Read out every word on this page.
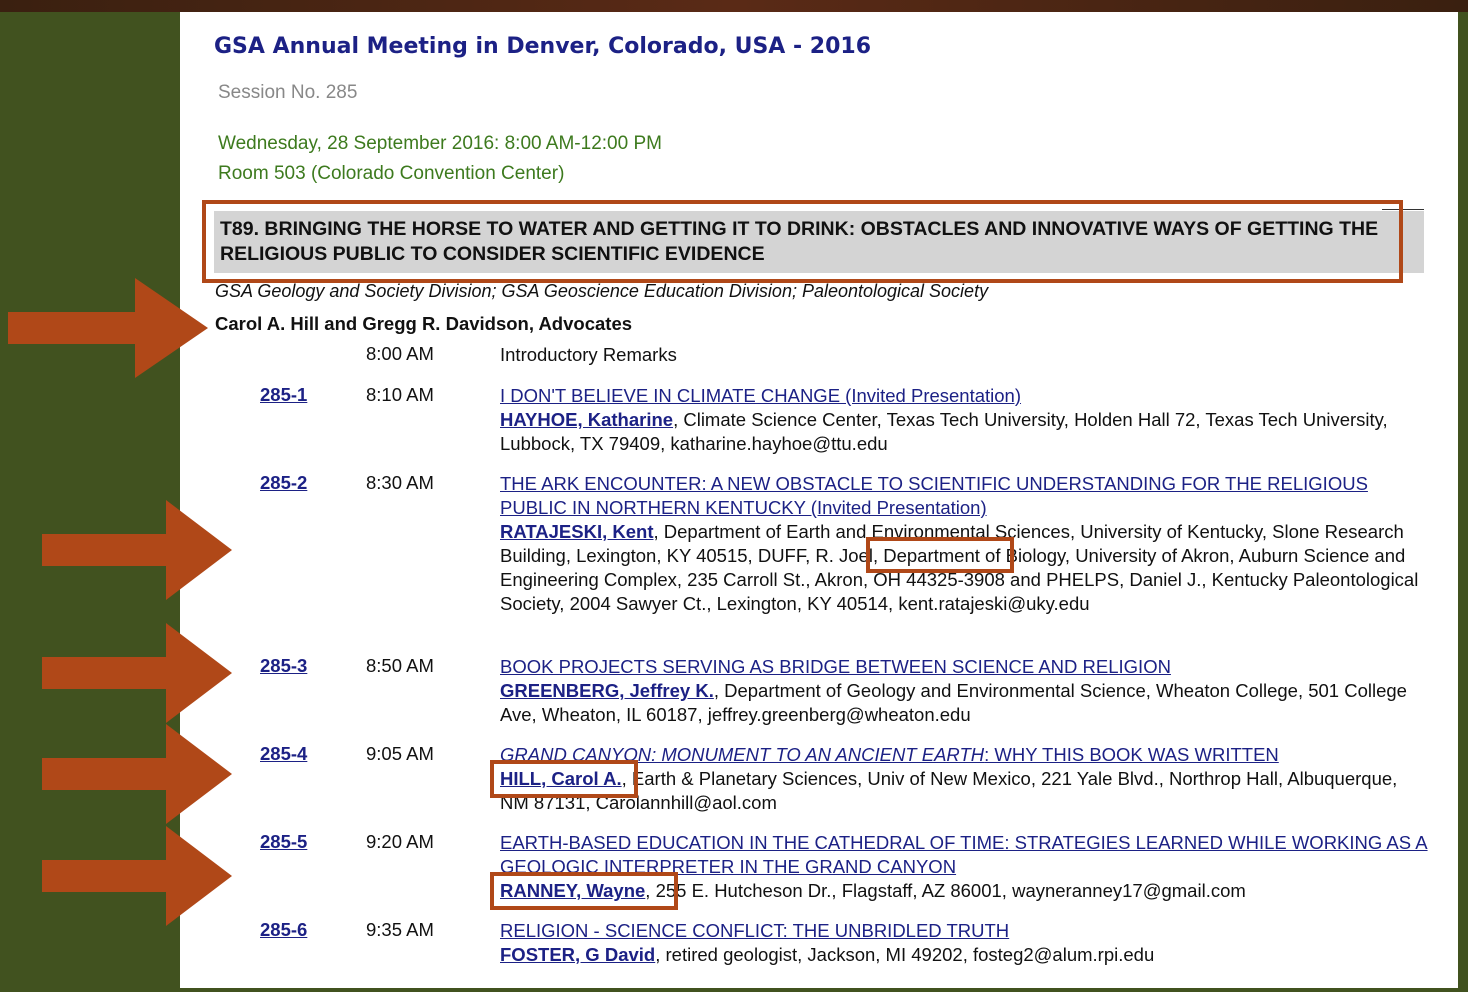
GSA Annual Meeting in Denver, Colorado, USA - 2016
Session No. 285
Wednesday, 28 September 2016: 8:00 AM-12:00 PM
Room 503 (Colorado Convention Center)
T89. BRINGING THE HORSE TO WATER AND GETTING IT TO DRINK: OBSTACLES AND INNOVATIVE WAYS OF GETTING THE RELIGIOUS PUBLIC TO CONSIDER SCIENTIFIC EVIDENCE
GSA Geology and Society Division; GSA Geoscience Education Division; Paleontological Society
Carol A. Hill and Gregg R. Davidson, Advocates
8:00 AM	Introductory Remarks
285-1	8:10 AM	I DON'T BELIEVE IN CLIMATE CHANGE (Invited Presentation)
HAYHOE, Katharine, Climate Science Center, Texas Tech University, Holden Hall 72, Texas Tech University, Lubbock, TX 79409, katharine.hayhoe@ttu.edu
285-2	8:30 AM	THE ARK ENCOUNTER: A NEW OBSTACLE TO SCIENTIFIC UNDERSTANDING FOR THE RELIGIOUS PUBLIC IN NORTHERN KENTUCKY (Invited Presentation)
RATAJESKI, Kent, Department of Earth and Environmental Sciences, University of Kentucky, Slone Research Building, Lexington, KY 40515, DUFF, R. Joel, Department of Biology, University of Akron, Auburn Science and Engineering Complex, 235 Carroll St., Akron, OH 44325-3908 and PHELPS, Daniel J., Kentucky Paleontological Society, 2004 Sawyer Ct., Lexington, KY 40514, kent.ratajeski@uky.edu
285-3	8:50 AM	BOOK PROJECTS SERVING AS BRIDGE BETWEEN SCIENCE AND RELIGION
GREENBERG, Jeffrey K., Department of Geology and Environmental Science, Wheaton College, 501 College Ave, Wheaton, IL 60187, jeffrey.greenberg@wheaton.edu
285-4	9:05 AM	GRAND CANYON: MONUMENT TO AN ANCIENT EARTH: WHY THIS BOOK WAS WRITTEN
HILL, Carol A., Earth & Planetary Sciences, Univ of New Mexico, 221 Yale Blvd., Northrop Hall, Albuquerque, NM 87131, Carolannhill@aol.com
285-5	9:20 AM	EARTH-BASED EDUCATION IN THE CATHEDRAL OF TIME: STRATEGIES LEARNED WHILE WORKING AS A GEOLOGIC INTERPRETER IN THE GRAND CANYON
RANNEY, Wayne, 255 E. Hutcheson Dr., Flagstaff, AZ 86001, wayneranney17@gmail.com
285-6	9:35 AM	RELIGION - SCIENCE CONFLICT: THE UNBRIDLED TRUTH
FOSTER, G David, retired geologist, Jackson, MI 49202, fosteg2@alum.rpi.edu
